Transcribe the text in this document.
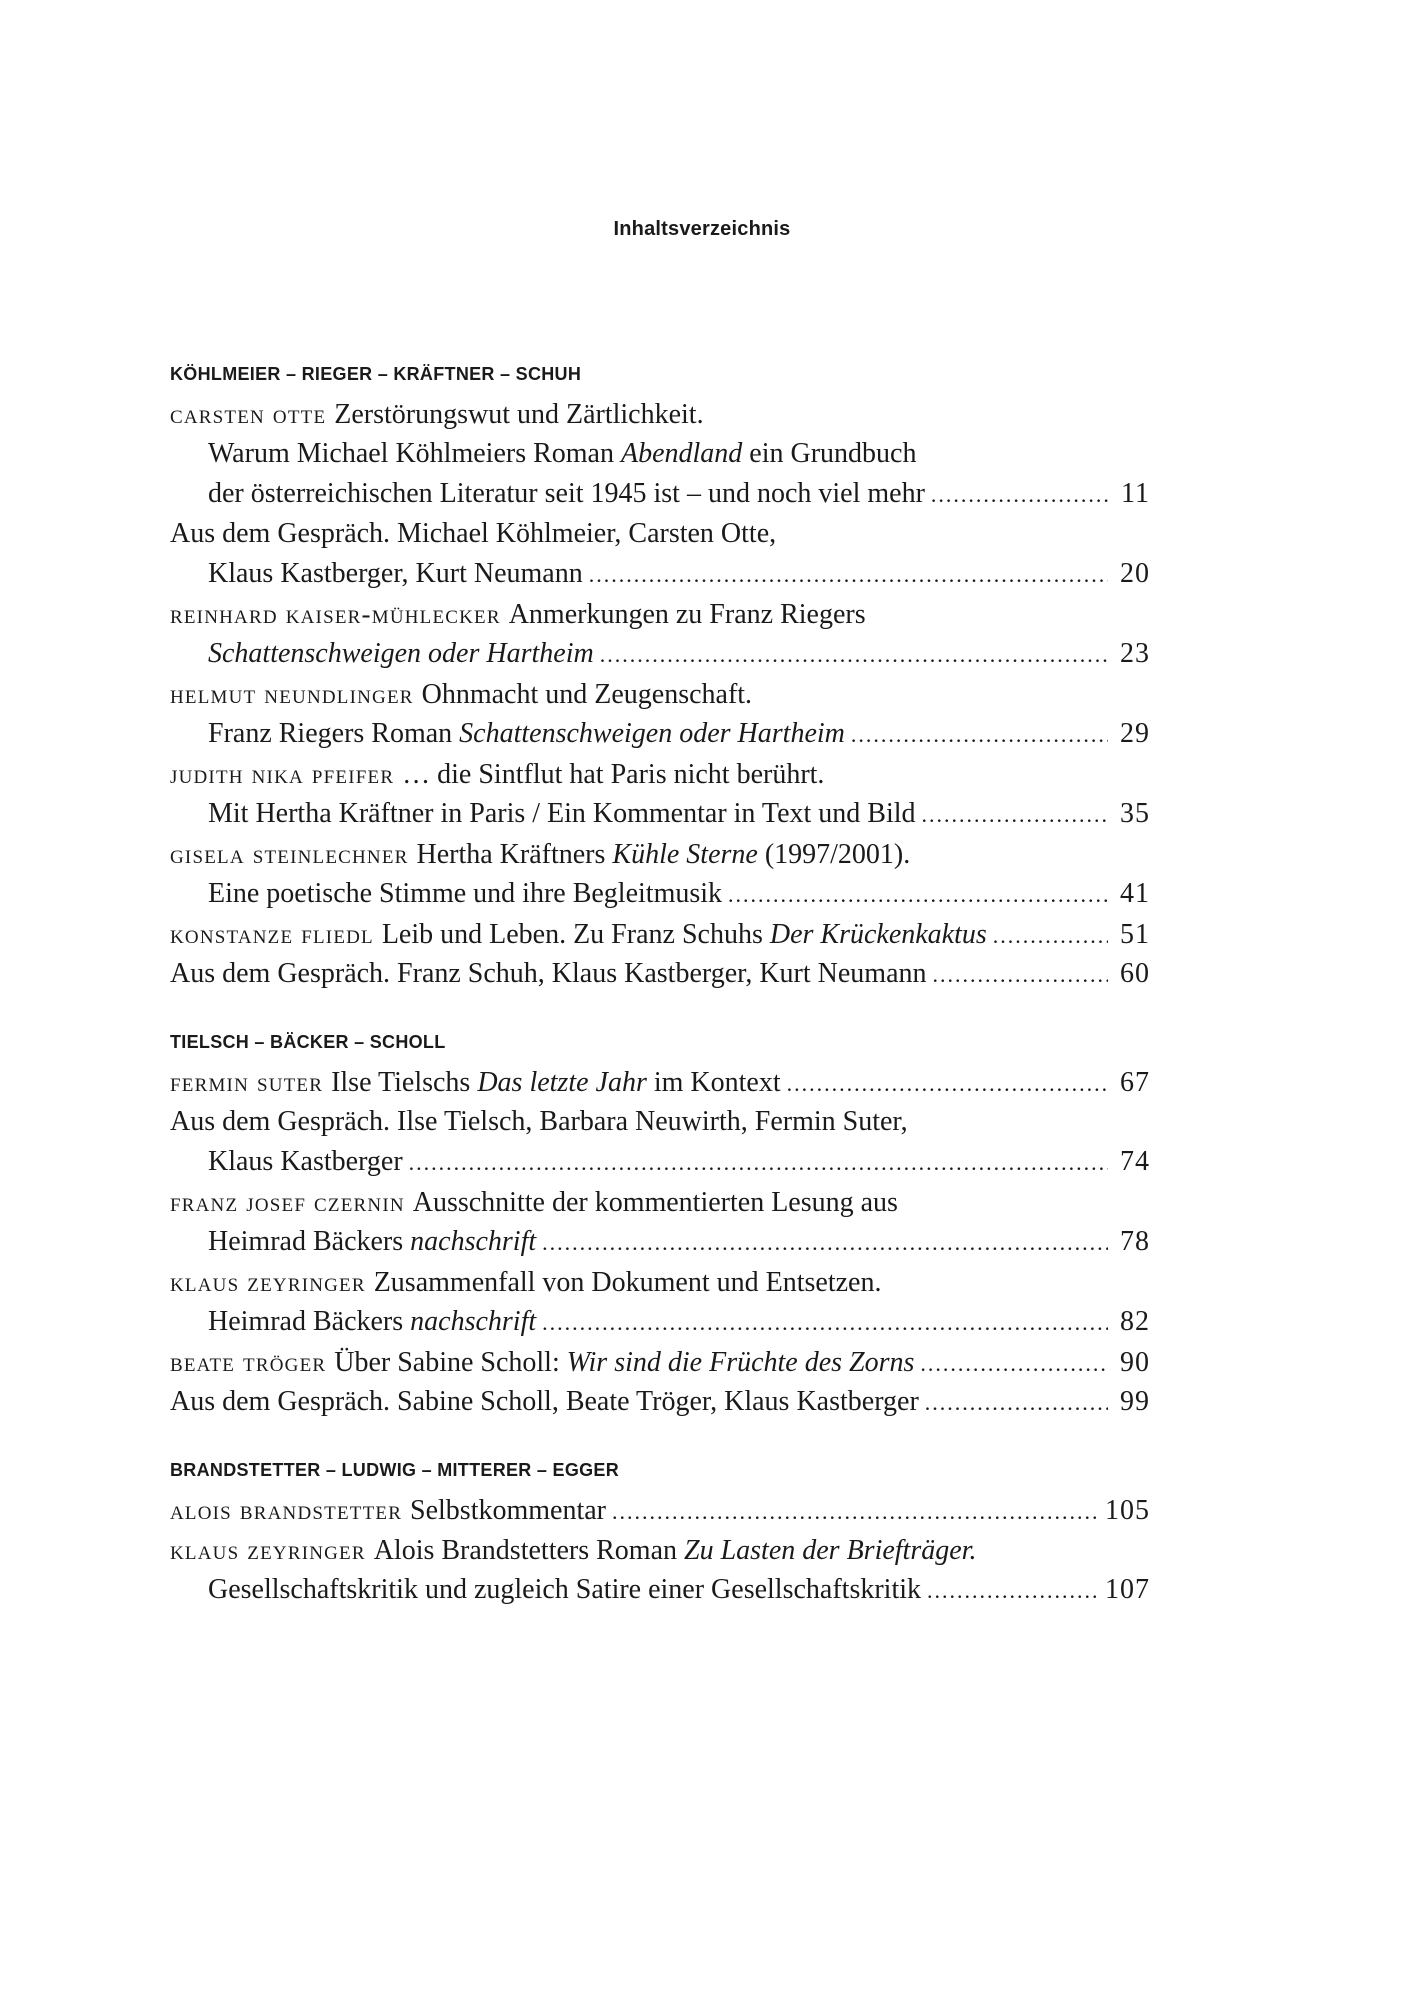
Inhaltsverzeichnis
KÖHLMEIER – RIEGER – KRÄFTNER – SCHUH
carsten otte Zerstörungswut und Zärtlichkeit.
Warum Michael Köhlmeiers Roman Abendland ein Grundbuch
der österreichischen Literatur seit 1945 ist – und noch viel mehr .....	11
Aus dem Gespräch. Michael Köhlmeier, Carsten Otte,
Klaus Kastberger, Kurt Neumann .....	20
reinhard kaiser-mühlecker Anmerkungen zu Franz Riegers
Schattenschweigen oder Hartheim .....	23
helmut neundlinger Ohnmacht und Zeugenschaft.
Franz Riegers Roman Schattenschweigen oder Hartheim .....	29
judith nika pfeifer … die Sintflut hat Paris nicht berührt.
Mit Hertha Kräftner in Paris / Ein Kommentar in Text und Bild .....	35
gisela steinlechner Hertha Kräftners Kühle Sterne (1997/2001).
Eine poetische Stimme und ihre Begleitmusik .....	41
konstanze fliedl Leib und Leben. Zu Franz Schuhs Der Krückenkaktus .....	51
Aus dem Gespräch. Franz Schuh, Klaus Kastberger, Kurt Neumann .....	60
TIELSCH – BÄCKER – SCHOLL
fermin suter Ilse Tielschs Das letzte Jahr im Kontext .....	67
Aus dem Gespräch. Ilse Tielsch, Barbara Neuwirth, Fermin Suter,
Klaus Kastberger .....	74
franz josef czernin Ausschnitte der kommentierten Lesung aus
Heimrad Bäckers nachschrift .....	78
klaus zeyringer Zusammenfall von Dokument und Entsetzen.
Heimrad Bäckers nachschrift .....	82
beate tröger Über Sabine Scholl: Wir sind die Früchte des Zorns .....	90
Aus dem Gespräch. Sabine Scholl, Beate Tröger, Klaus Kastberger .....	99
BRANDSTETTER – LUDWIG – MITTERER – EGGER
alois brandstetter Selbstkommentar .....	105
klaus zeyringer Alois Brandstetters Roman Zu Lasten der Briefträger.
Gesellschaftskritik und zugleich Satire einer Gesellschaftskritik .....	107
